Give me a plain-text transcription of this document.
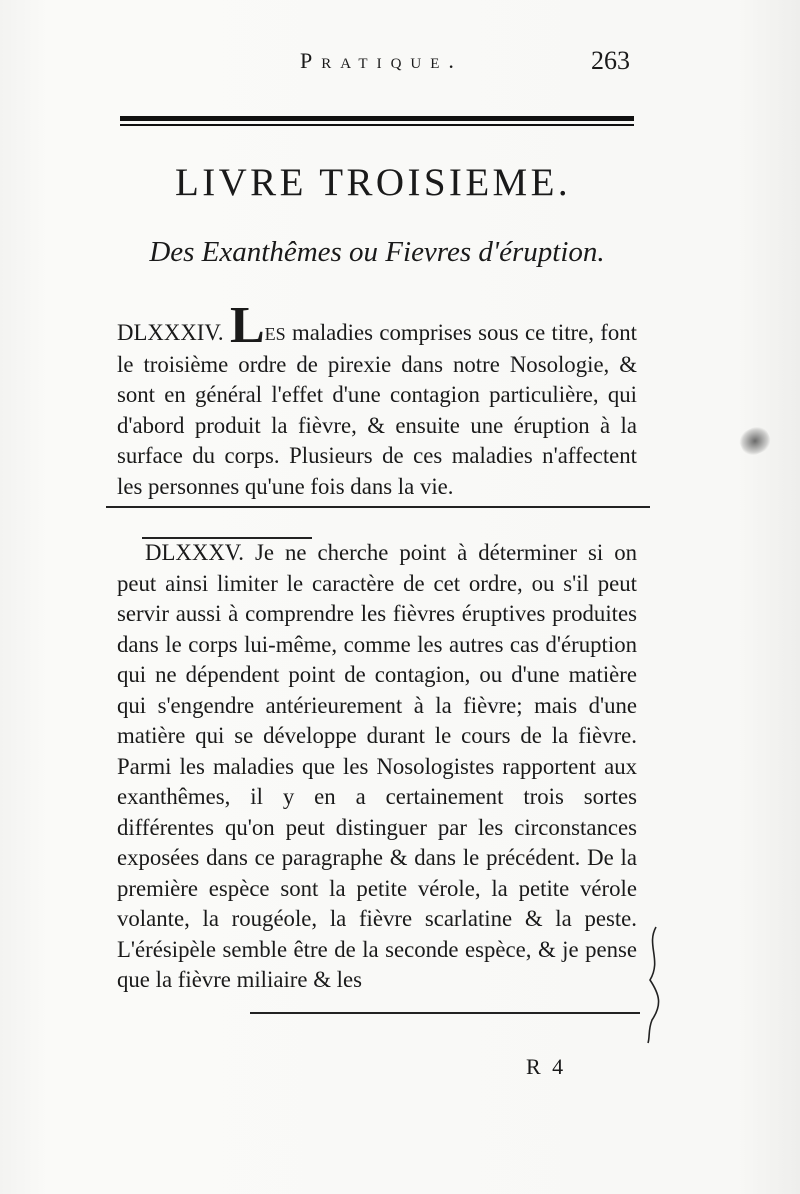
Pratique.	263
LIVRE TROISIEME.
Des Exanthêmes ou Fievres d'éruption.
DLXXXIV. LES maladies comprises sous ce titre, font le troisième ordre de pirexie dans notre Nosologie, & sont en général l'effet d'une contagion particulière, qui d'abord produit la fièvre, & ensuite une éruption à la surface du corps. Plusieurs de ces maladies n'affectent les personnes qu'une fois dans la vie.
DLXXXV. Je ne cherche point à déterminer si on peut ainsi limiter le caractère de cet ordre, ou s'il peut servir aussi à comprendre les fièvres éruptives produites dans le corps lui-même, comme les autres cas d'éruption qui ne dépendent point de contagion, ou d'une matière qui s'engendre antérieurement à la fièvre; mais d'une matière qui se développe durant le cours de la fièvre. Parmi les maladies que les Nosologistes rapportent aux exanthêmes, il y en a certainement trois sortes différentes qu'on peut distinguer par les circonstances exposées dans ce paragraphe & dans le précédent. De la première espèce sont la petite vérole, la petite vérole volante, la rougéole, la fièvre scarlatine & la peste. L'érésipèle semble être de la seconde espèce, & je pense que la fièvre miliaire & les
R 4
